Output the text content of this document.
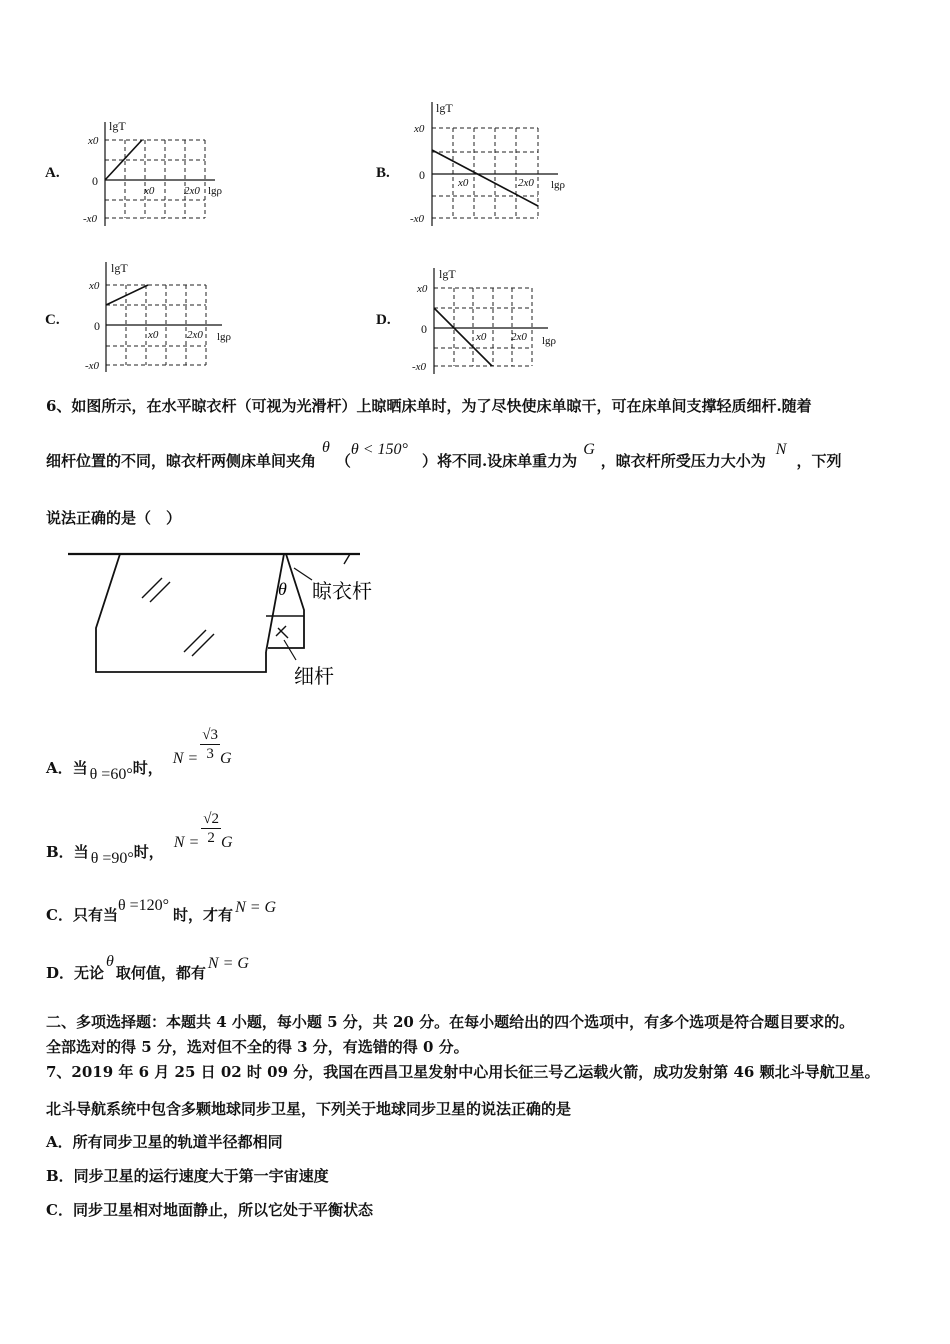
A.
lgT
x0
0
-x0
x0	2x0 lgρ
B.
lgT
x0
0
-x0
x0	2x0 lgρ
C.
lgT
x0
0
-x0
x0	2x0 lgρ
D.
lgT
x0
0
-x0
x0 2x0 lgρ
6、如图所示，在水平晾衣杆（可视为光滑杆）上晾晒床单时，为了尽快使床单晾干，可在床单间支撑轻质细杆.随着
细杆位置的不同，晾衣杆两侧床单间夹角θ（θ < 150°）将不同.设床单重力为G，晾衣杆所受压力大小为N，下列
说法正确的是（　）
θ 晾衣杆
细杆
A．当 θ =60°时，$N = \frac{√3}{3}$ G
B．当 θ =90°时，$N = \frac{√2}{2}$ G
C．只有当θ =120°时，才有 N = G
D．无论θ取何值，都有N = G
二、多项选择题：本题共 4 小题，每小题 5 分，共 20 分。在每小题给出的四个选项中，有多个选项是符合题目要求的。
全部选对的得 5 分，选对但不全的得 3 分，有选错的得 0 分。
7、2019 年 6 月 25 日 02 时 09 分，我国在西昌卫星发射中心用长征三号乙运载火箭，成功发射第 46 颗北斗导航卫星。
北斗导航系统中包含多颗地球同步卫星，下列关于地球同步卫星的说法正确的是
A．所有同步卫星的轨道半径都相同
B．同步卫星的运行速度大于第一宇宙速度
C．同步卫星相对地面静止，所以它处于平衡状态
